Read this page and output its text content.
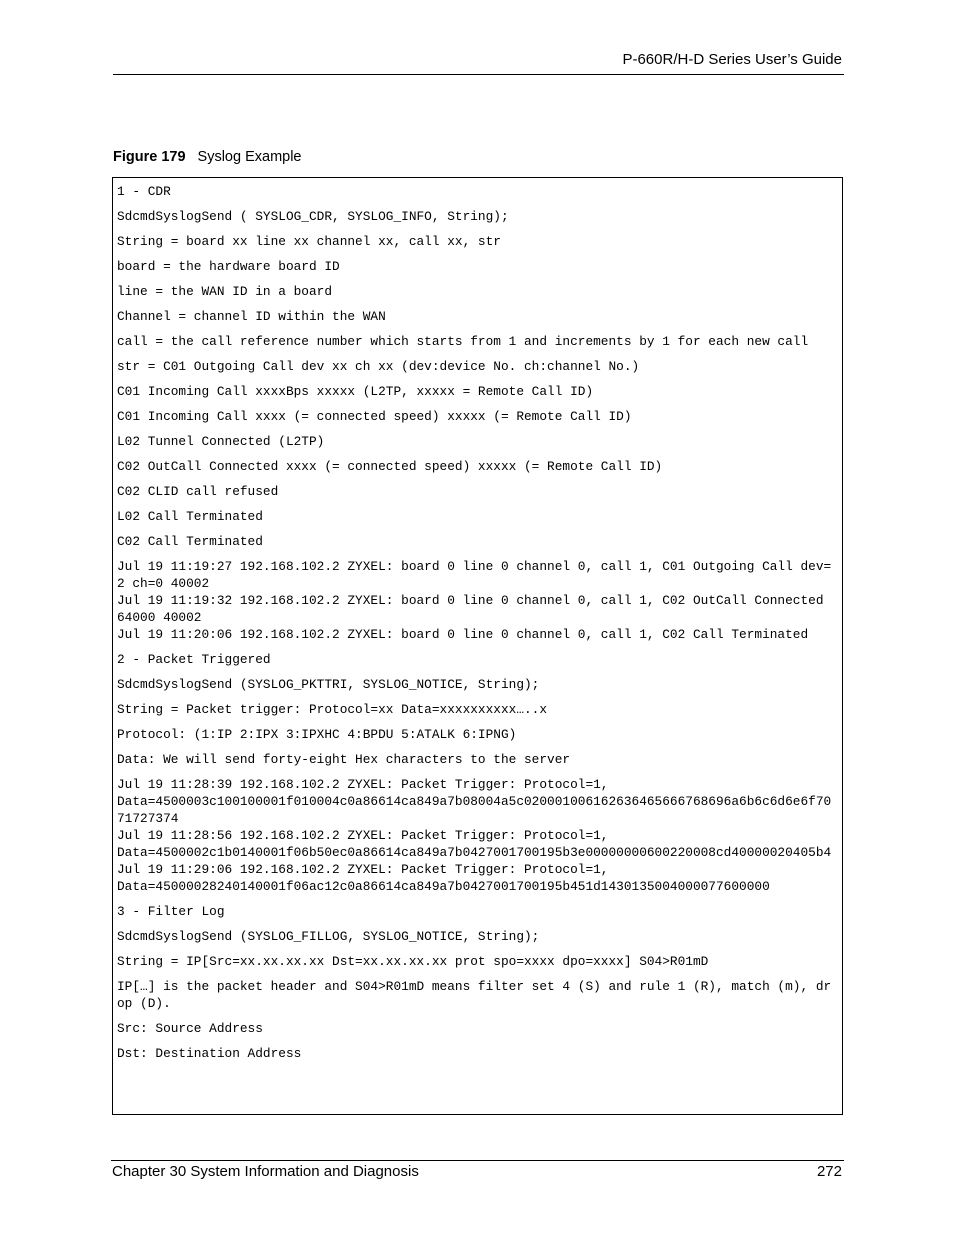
P-660R/H-D Series User’s Guide
Figure 179 Syslog Example

1 - CDR

SdcmdSyslogSend ( SYSLOG_CDR, SYSLOG_INFO, String);

String = board xx line xx channel xx, call xx, str

board = the hardware board ID

line = the WAN ID in a board

Channel = channel ID within the WAN

call = the call reference number which starts from 1 and increments by 1 for each new call

str = C01 Outgoing Call dev xx ch xx (dev:device No. ch:channel No.)

C01 Incoming Call xxxxBps xxxxx (L2TP, xxxxx = Remote Call ID)

C01 Incoming Call xxxx (= connected speed) xxxxx (= Remote Call ID)

L02 Tunnel Connected (L2TP)

C02 OutCall Connected xxxx (= connected speed) xxxxx (= Remote Call ID)

C02 CLID call refused

L02 Call Terminated

C02 Call Terminated

Jul 19 11:19:27 192.168.102.2 ZYXEL: board 0 line 0 channel 0, call 1, C01 Outgoing Call dev=2 ch=0 40002
Jul 19 11:19:32 192.168.102.2 ZYXEL: board 0 line 0 channel 0, call 1, C02 OutCall Connected 64000 40002
Jul 19 11:20:06 192.168.102.2 ZYXEL: board 0 line 0 channel 0, call 1, C02 Call Terminated

2 - Packet Triggered

SdcmdSyslogSend (SYSLOG_PKTTRI, SYSLOG_NOTICE, String);

String = Packet trigger: Protocol=xx Data=xxxxxxxxxx…..x

Protocol: (1:IP 2:IPX 3:IPXHC 4:BPDU 5:ATALK 6:IPNG)

Data: We will send forty-eight Hex characters to the server

Jul 19 11:28:39 192.168.102.2 ZYXEL: Packet Trigger: Protocol=1,
Data=4500003c100100001f010004c0a86614ca849a7b08004a5c020001006162636465666768696a6b6c6d6e6f7071727374
Jul 19 11:28:56 192.168.102.2 ZYXEL: Packet Trigger: Protocol=1,
Data=4500002c1b0140001f06b50ec0a86614ca849a7b0427001700195b3e00000000600220008cd40000020405b4
Jul 19 11:29:06 192.168.102.2 ZYXEL: Packet Trigger: Protocol=1,
Data=45000028240140001f06ac12c0a86614ca849a7b0427001700195b451d1430135004000077600000

3 - Filter Log

SdcmdSyslogSend (SYSLOG_FILLOG, SYSLOG_NOTICE, String);

String = IP[Src=xx.xx.xx.xx Dst=xx.xx.xx.xx prot spo=xxxx dpo=xxxx] S04>R01mD

IP[…] is the packet header and S04>R01mD means filter set 4 (S) and rule 1 (R), match (m), drop (D).

Src: Source Address

Dst: Destination Address

Chapter 30 System Information and Diagnosis	272
